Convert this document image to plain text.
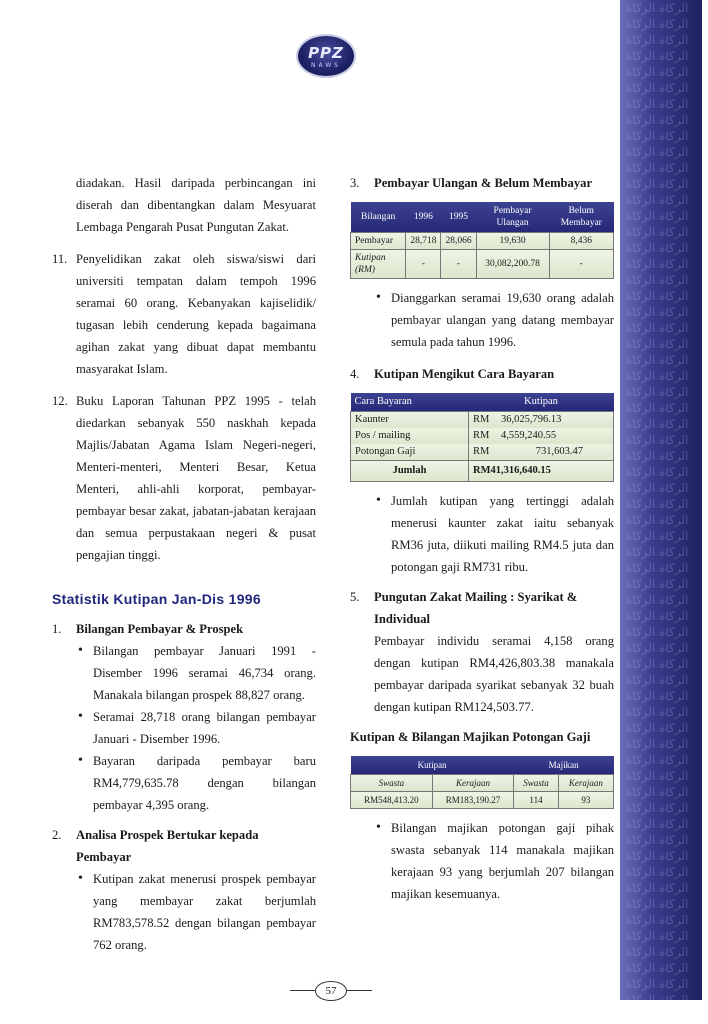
الزكاة الزكاة
الزكاة الزكاة
الزكاة الزكاة
الزكاة الزكاة
الزكاة الزكاة
الزكاة الزكاة
الزكاة الزكاة
الزكاة الزكاة
الزكاة الزكاة
الزكاة الزكاة
الزكاة الزكاة
الزكاة الزكاة
الزكاة الزكاة
الزكاة الزكاة
الزكاة الزكاة
الزكاة الزكاة
الزكاة الزكاة
الزكاة الزكاة
الزكاة الزكاة
الزكاة الزكاة
الزكاة الزكاة
الزكاة الزكاة
الزكاة الزكاة
الزكاة الزكاة
الزكاة الزكاة
الزكاة الزكاة
الزكاة الزكاة
الزكاة الزكاة
الزكاة الزكاة
الزكاة الزكاة
الزكاة الزكاة
الزكاة الزكاة
الزكاة الزكاة
الزكاة الزكاة
الزكاة الزكاة
الزكاة الزكاة
الزكاة الزكاة
الزكاة الزكاة
الزكاة الزكاة
الزكاة الزكاة
الزكاة الزكاة
الزكاة الزكاة
الزكاة الزكاة
الزكاة الزكاة
الزكاة الزكاة
الزكاة الزكاة
الزكاة الزكاة
الزكاة الزكاة
الزكاة الزكاة
الزكاة الزكاة
الزكاة الزكاة
الزكاة الزكاة
الزكاة الزكاة
الزكاة الزكاة
الزكاة الزكاة
الزكاة الزكاة
الزكاة الزكاة
الزكاة الزكاة
الزكاة الزكاة
الزكاة الزكاة
الزكاة الزكاة
الزكاة الزكاة
الزكاة الزكاة
الزكاة الزكاة
PPZ
NAWS

diadakan. Hasil daripada perbincangan ini diserah dan dibentangkan dalam Mesyuarat Lembaga Pengarah Pusat Pungutan Zakat.

11. Penyelidikan zakat oleh siswa/siswi dari universiti tempatan dalam tempoh 1996 seramai 60 orang. Kebanyakan kajiselidik/ tugasan lebih cenderung kepada bagaimana agihan zakat yang dibuat dapat membantu masyarakat Islam.

12. Buku Laporan Tahunan PPZ 1995 - telah diedarkan sebanyak 550 naskhah kepada Majlis/Jabatan Agama Islam Negeri-negeri, Menteri-menteri, Menteri Besar, Ketua Menteri, ahli-ahli korporat, pembayar-pembayar besar zakat, jabatan-jabatan kerajaan dan semua perpustakaan negeri & pusat pengajian tinggi.

Statistik Kutipan Jan-Dis 1996

1. Bilangan Pembayar & Prospek

• Bilangan pembayar Januari 1991 - Disember 1996 seramai 46,734 orang. Manakala bilangan prospek 88,827 orang.

• Seramai 28,718 orang bilangan pembayar Januari - Disember 1996.

• Bayaran daripada pembayar baru RM4,779,635.78 dengan bilangan pembayar 4,395 orang.

2. Analisa Prospek Bertukar kepada Pembayar

• Kutipan zakat menerusi prospek pembayar yang membayar zakat berjumlah RM783,578.52 dengan bilangan pembayar 762 orang.

3. Pembayar Ulangan & Belum Membayar

Bilangan	1996	1995	Pembayar Ulangan	Belum Membayar
Pembayar	28,718	28,066	19,630	8,436
Kutipan (RM)	-	-	30,082,200.78	-

• Dianggarkan seramai 19,630 orang adalah pembayar ulangan yang datang membayar semula pada tahun 1996.

4. Kutipan Mengikut Cara Bayaran

Cara Bayaran	Kutipan	
Kaunter	RM	36,025,796.13
Pos / mailing	RM	4,559,240.55
Potongan Gaji	RM	731,603.47
Jumlah	RM41,316,640.15	

• Jumlah kutipan yang tertinggi adalah menerusi kaunter zakat iaitu sebanyak RM36 juta, diikuti mailing RM4.5 juta dan potongan gaji RM731 ribu.

5. Pungutan Zakat Mailing : Syarikat & Individual

Pembayar individu seramai 4,158 orang dengan kutipan RM4,426,803.38 manakala pembayar daripada syarikat sebanyak 32 buah dengan kutipan RM124,503.77.

Kutipan & Bilangan Majikan Potongan Gaji

Kutipan		Majikan	
Swasta	Kerajaan	Swasta	Kerajaan
RM548,413.20	RM183,190.27	114	93

• Bilangan majikan potongan gaji pihak swasta sebanyak 114 manakala majikan kerajaan 93 yang berjumlah 207 bilangan majikan kesemuanya.

57
